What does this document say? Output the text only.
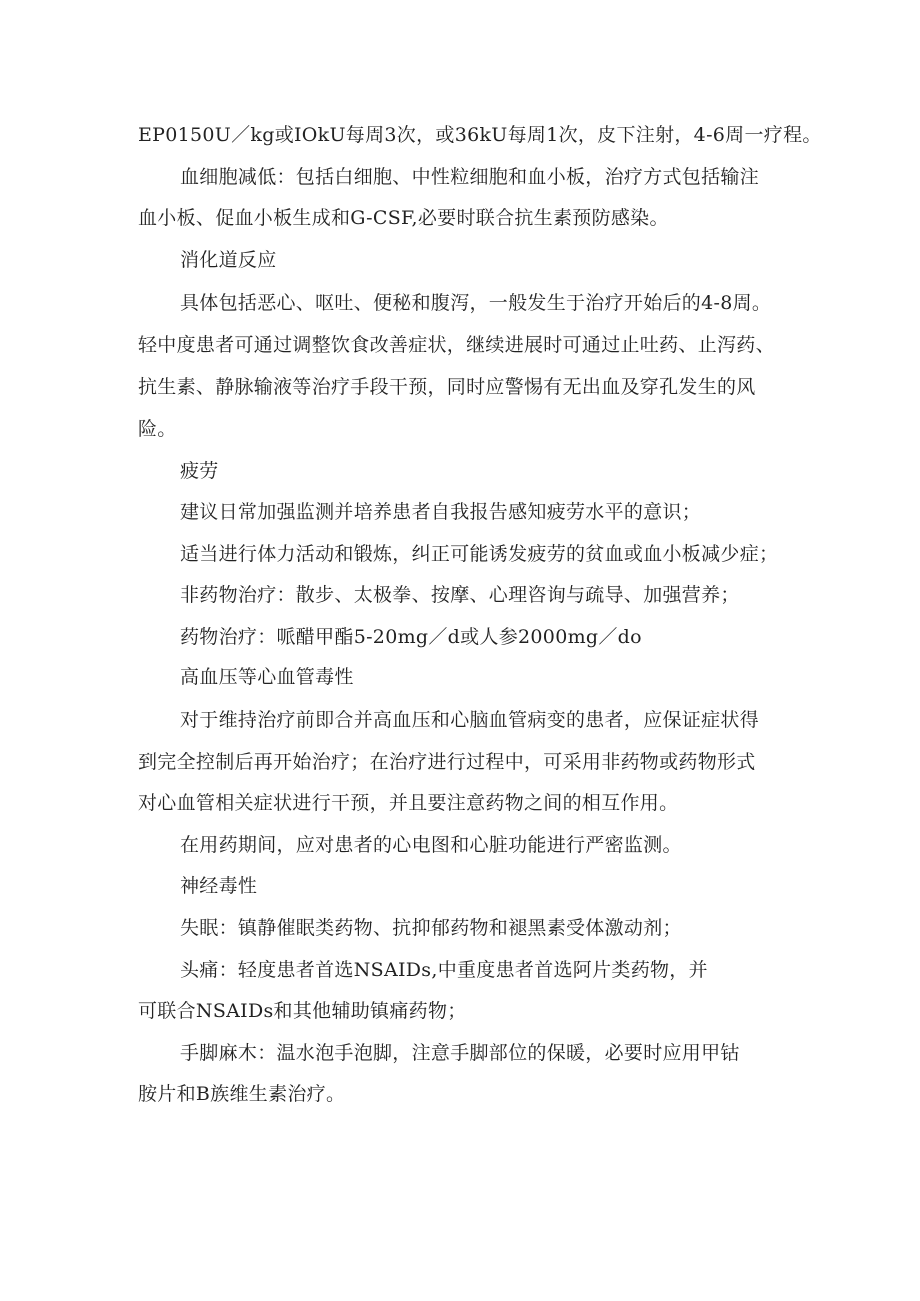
EP0150U／kg或IOkU每周3次，或36kU每周1次，皮下注射，4-6周一疗程。

血细胞减低：包括白细胞、中性粒细胞和血小板，治疗方式包括输注

血小板、促血小板生成和G-CSF,必要时联合抗生素预防感染。

消化道反应

具体包括恶心、呕吐、便秘和腹泻，一般发生于治疗开始后的4-8周。

轻中度患者可通过调整饮食改善症状，继续进展时可通过止吐药、止泻药、

抗生素、静脉输液等治疗手段干预，同时应警惕有无出血及穿孔发生的风

险。

疲劳

建议日常加强监测并培养患者自我报告感知疲劳水平的意识；

适当进行体力活动和锻炼，纠正可能诱发疲劳的贫血或血小板减少症；

非药物治疗：散步、太极拳、按摩、心理咨询与疏导、加强营养；

药物治疗：哌醋甲酯5-20mg／d或人参2000mg／do

高血压等心血管毒性

对于维持治疗前即合并高血压和心脑血管病变的患者，应保证症状得

到完全控制后再开始治疗；在治疗进行过程中，可采用非药物或药物形式

对心血管相关症状进行干预，并且要注意药物之间的相互作用。

在用药期间，应对患者的心电图和心脏功能进行严密监测。

神经毒性

失眠：镇静催眠类药物、抗抑郁药物和褪黑素受体激动剂；

头痛：轻度患者首选NSAIDs,中重度患者首选阿片类药物，并

可联合NSAIDs和其他辅助镇痛药物；

手脚麻木：温水泡手泡脚，注意手脚部位的保暖，必要时应用甲钴

胺片和B族维生素治疗。
